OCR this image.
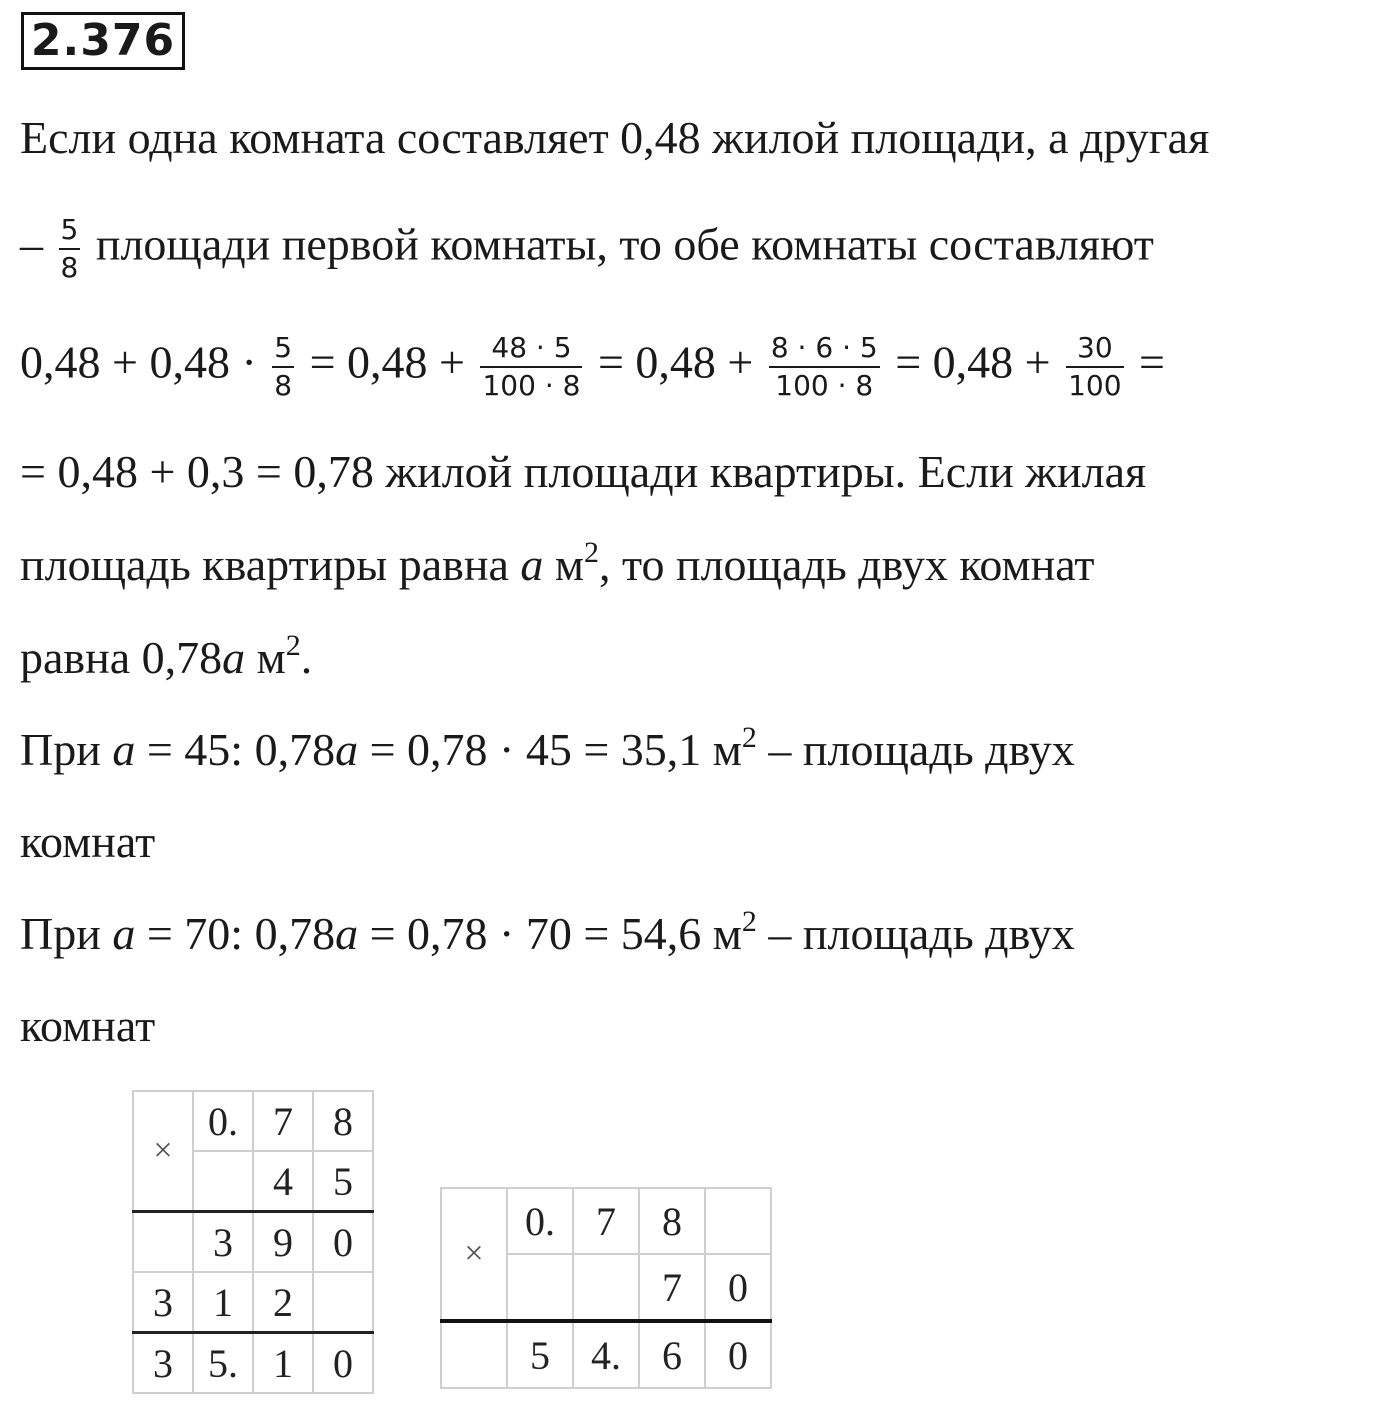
2.376
Если одна комната составляет 0,48 жилой площади, а другая
– $\frac{5}{8}$ площади первой комнаты, то обе комнаты составляют
$0,48 + 0,48 \cdot \frac{5}{8} = 0,48 + \frac{48 \cdot 5}{100 \cdot 8} = 0,48 + \frac{8 \cdot 6 \cdot 5}{100 \cdot 8} = 0,48 + \frac{30}{100}$ =
= 0,48 + 0,3 = 0,78 жилой площади квартиры. Если жилая
площадь квартиры равна a $м^2$, то площадь двух комнат
равна 0,78a $м^2$.
При a = 45: 0,78a = 0,78 · 45 = 35,1 $м^2$ – площадь двух
комнат
При a = 70: 0,78a = 0,78 · 70 = 54,6 $м^2$ – площадь двух
комнат
×	0.	7	8
		4	5
	3	9	0
3	1	2	
3	5.	1	0
×	0.	7	8	
			7	0
	5	4.	6	0
